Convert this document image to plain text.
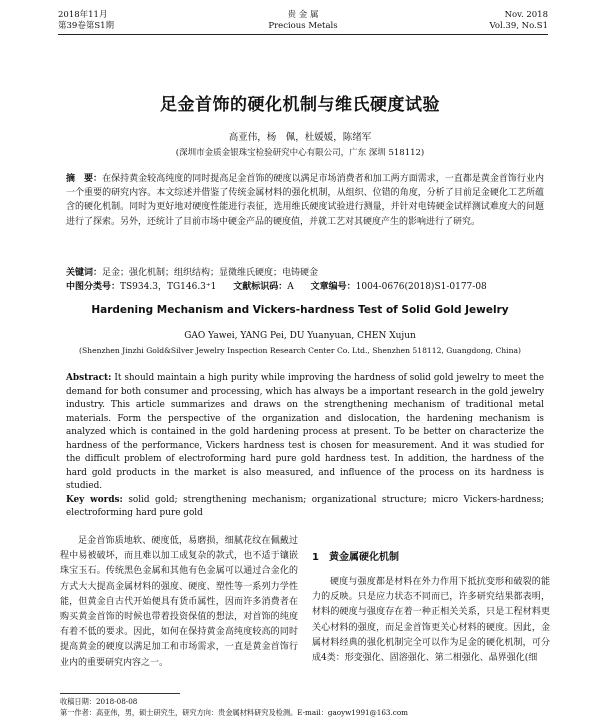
2018年11月
第39卷第S1期
贵 金 属
Precious Metals
Nov. 2018
Vol.39, No.S1
足金首饰的硬化机制与维氏硬度试验
高亚伟，杨　佩，杜媛媛，陈绪军
(深圳市金质金银珠宝检验研究中心有限公司，广东 深圳 518112)
摘　要：在保持黄金较高纯度的同时提高足金首饰的硬度以满足市场消费者和加工两方面需求，一直都是黄金首饰行业内一个重要的研究内容。本文综述并借鉴了传统金属材料的强化机制，从组织、位错的角度，分析了目前足金硬化工艺所蕴含的硬化机制。同时为更好地对硬度性能进行表征，选用维氏硬度试验进行测量，并针对电铸硬金试样测试难度大的问题进行了探索。另外，还统计了目前市场中硬金产品的硬度值，并就工艺对其硬度产生的影响进行了研究。
关键词：足金；强化机制；组织结构；显微维氏硬度；电铸硬金
中图分类号：TS934.3，TG146.3⁺1 文献标识码：A 文章编号：1004-0676(2018)S1-0177-08
Hardening Mechanism and Vickers-hardness Test of Solid Gold Jewelry
GAO Yawei, YANG Pei, DU Yuanyuan, CHEN Xujun
(Shenzhen Jinzhi Gold&Silver Jewelry Inspection Research Center Co. Ltd., Shenzhen 518112, Guangdong, China)
Abstract: It should maintain a high purity while improving the hardness of solid gold jewelry to meet the demand for both consumer and processing, which has always be a important research in the gold jewelry industry. This article summarizes and draws on the strengthening mechanism of traditional metal materials. Form the perspective of the organization and dislocation, the hardening mechanism is analyzed which is contained in the gold hardening process at present. To be better on characterize the hardness of the performance, Vickers hardness test is chosen for measurement. And it was studied for the difficult problem of electroforming hard pure gold hardness test. In addition, the hardness of the hard gold products in the market is also measured, and influence of the process on its hardness is studied.
Key words: solid gold; strengthening mechanism; organizational structure; micro Vickers-hardness; electroforming hard pure gold
足金首饰质地软、硬度低，易磨损，细腻花纹在佩戴过程中易被破坏，而且难以加工成复杂的款式，也不适于镶嵌珠宝玉石。传统黑色金属和其他有色金属可以通过合金化的方式大大提高金属材料的强度、硬度、塑性等一系列力学性能，但黄金自古代开始便具有货币属性，因而许多消费者在购买黄金首饰的时候也带着投资保值的想法，对首饰的纯度有着不低的要求。因此，如何在保持黄金高纯度较高的同时提高黄金的硬度以满足加工和市场需求，一直是黄金首饰行业内的重要研究内容之一。
1 黄金属硬化机制

硬度与强度都是材料在外力作用下抵抗变形和破裂的能力的反映。只是应力状态不同而已，许多研究结果都表明，材料的硬度与强度存在着一种正相关关系，只是工程材料更关心材料的强度，而足金首饰更关心材料的硬度。因此，金属材料经典的强化机制完全可以作为足金的硬化机制，可分成4类：形变强化、固溶强化、第二相强化、晶界强化(细

收稿日期：2018-08-08
第一作者：高亚伟，男，硕士研究生，研究方向：贵金属材料研究及检测。E-mail：gaoyw1991@163.com
